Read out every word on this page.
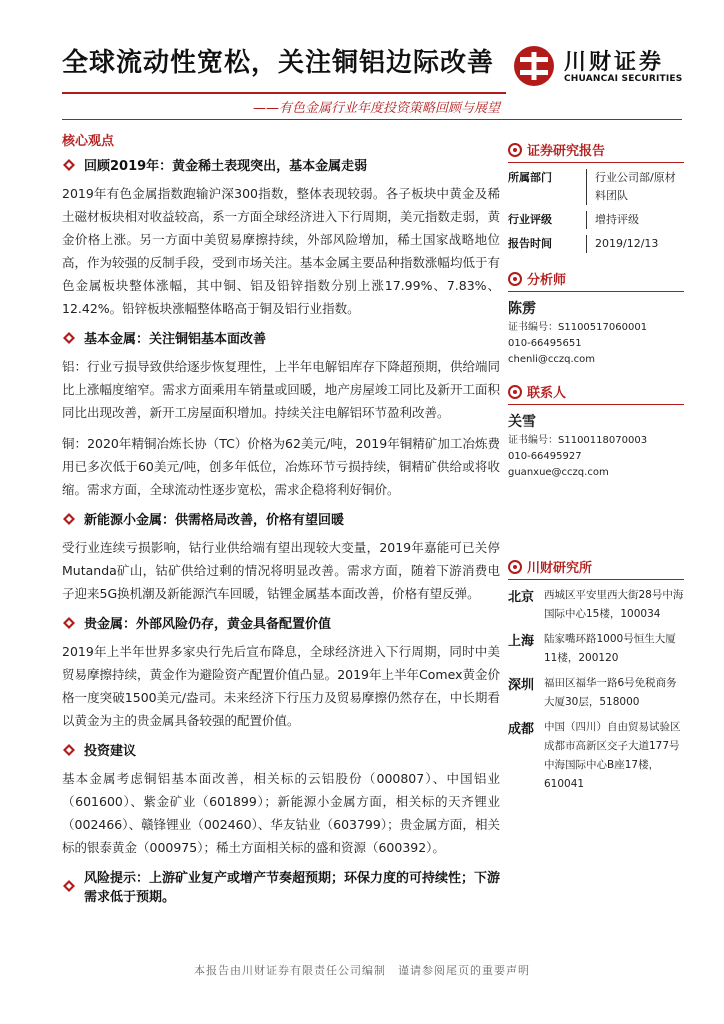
全球流动性宽松，关注铜铝边际改善	川财证券
CHUANCAI SECURITIES
——有色金属行业年度投资策略回顾与展望
核心观点
回顾2019年：黄金稀土表现突出，基本金属走弱
2019年有色金属指数跑输沪深300指数，整体表现较弱。各子板块中黄金及稀土磁材板块相对收益较高，系一方面全球经济进入下行周期，美元指数走弱，黄金价格上涨。另一方面中美贸易摩擦持续，外部风险增加，稀土国家战略地位高，作为较强的反制手段，受到市场关注。基本金属主要品种指数涨幅均低于有色金属板块整体涨幅，其中铜、铝及铅锌指数分别上涨17.99%、7.83%、12.42%。铅锌板块涨幅整体略高于铜及铝行业指数。
基本金属：关注铜铝基本面改善
铝：行业亏损导致供给逐步恢复理性，上半年电解铝库存下降超预期，供给端同比上涨幅度缩窄。需求方面乘用车销量或回暖，地产房屋竣工同比及新开工面积同比出现改善，新开工房屋面积增加。持续关注电解铝环节盈利改善。
铜：2020年精铜冶炼长协（TC）价格为62美元/吨，2019年铜精矿加工冶炼费用已多次低于60美元/吨，创多年低位，冶炼环节亏损持续，铜精矿供给或将收缩。需求方面，全球流动性逐步宽松，需求企稳将利好铜价。
新能源小金属：供需格局改善，价格有望回暖
受行业连续亏损影响，钴行业供给端有望出现较大变量，2019年嘉能可已关停Mutanda矿山，钴矿供给过剩的情况将明显改善。需求方面，随着下游消费电子迎来5G换机潮及新能源汽车回暖，钴锂金属基本面改善，价格有望反弹。
贵金属：外部风险仍存，黄金具备配置价值
2019年上半年世界多家央行先后宣布降息，全球经济进入下行周期，同时中美贸易摩擦持续，黄金作为避险资产配置价值凸显。2019年上半年Comex黄金价格一度突破1500美元/盎司。未来经济下行压力及贸易摩擦仍然存在，中长期看以黄金为主的贵金属具备较强的配置价值。
投资建议
基本金属考虑铜铝基本面改善，相关标的云铝股份（000807）、中国铝业（601600）、紫金矿业（601899）；新能源小金属方面，相关标的天齐锂业（002466）、赣锋锂业（002460）、华友钴业（603799）；贵金属方面，相关标的银泰黄金（000975）；稀土方面相关标的盛和资源（600392）。
风险提示：上游矿业复产或增产节奏超预期；环保力度的可持续性；下游需求低于预期。
证券研究报告
所属部门	行业公司部/原材料团队
行业评级	增持评级
报告时间	2019/12/13
分析师
陈雳
证书编号：S1100517060001
010-66495651
chenli@cczq.com
联系人
关雪
证书编号：S1100118070003
010-66495927
guanxue@cczq.com
川财研究所
北京 西城区平安里西大街28号中海国际中心15楼，100034
上海 陆家嘴环路1000号恒生大厦11楼，200120
深圳 福田区福华一路6号免税商务大厦30层，518000
成都 中国（四川）自由贸易试验区成都市高新区交子大道177号中海国际中心B座17楼，610041
本报告由川财证券有限责任公司编制　谨请参阅尾页的重要声明
